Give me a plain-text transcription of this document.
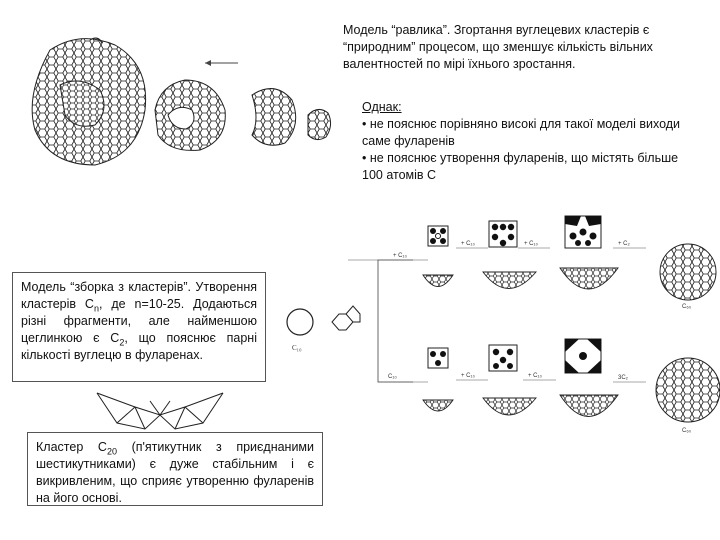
Модель “равлика”. Згортання вуглецевих кластерів є “природним” процесом, що зменшує кількість вільних валентностей по мірі їхнього зростання.
Однак:
• не пояснює порівняно високі для такої моделі виходи саме фуларенів
• не пояснює утворення фуларенів, що містять більше 100 атомів С
Модель “зборка з кластерів”. Утворення кластерів $C_n$, де n=10-25. Додаються різні фрагменти, але найменшою цеглинкою є $C_2$, що пояснює парні кількості вуглецю в фуларенах.
Кластер $C_{20}$ (п'ятикутник з приєднаними шестикутниками) є дуже стабільним і є викривленим, що сприяє утворенню фуларенів на його основі.
C₁₀
+ C₁₀
+ C₁₀	+ C₁₀	+ C₂
C₆₀
C₁₀	+ C₁₀	+ C₁₀	3C₂
C₆₀
